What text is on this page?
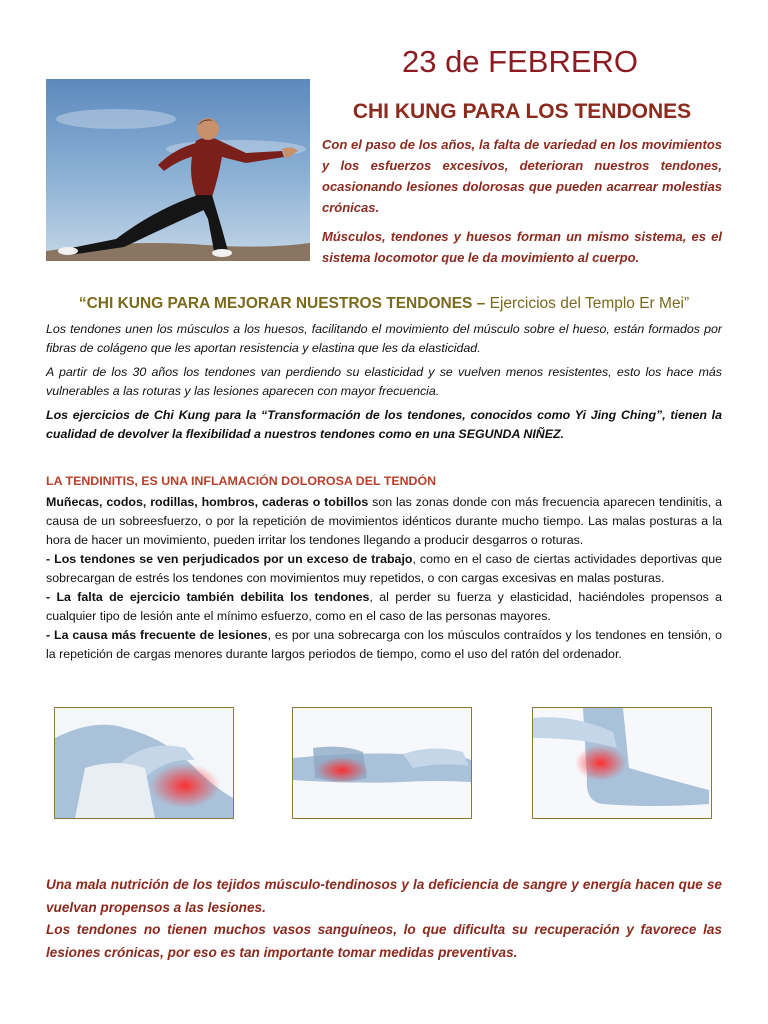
23 de FEBRERO
CHI KUNG PARA LOS TENDONES

Con el paso de los años, la falta de variedad en los movimientos y los esfuerzos excesivos, deterioran nuestros tendones, ocasionando lesiones dolorosas que pueden acarrear molestias crónicas.

Músculos, tendones y huesos forman un mismo sistema, es el sistema locomotor que le da movimiento al cuerpo.

“CHI KUNG PARA MEJORAR NUESTROS TENDONES – Ejercicios del Templo Er Mei”

Los tendones unen los músculos a los huesos, facilitando el movimiento del músculo sobre el hueso, están formados por fibras de colágeno que les aportan resistencia y elastina que les da elasticidad.

A partir de los 30 años los tendones van perdiendo su elasticidad y se vuelven menos resistentes, esto los hace más vulnerables a las roturas y las lesiones aparecen con mayor frecuencia.

Los ejercicios de Chi Kung para la “Transformación de los tendones, conocidos como Yi Jing Ching”, tienen la cualidad de devolver la flexibilidad a nuestros tendones como en una SEGUNDA NIÑEZ.

LA TENDINITIS, ES UNA INFLAMACIÓN DOLOROSA DEL TENDÓN

Muñecas, codos, rodillas, hombros, caderas o tobillos son las zonas donde con más frecuencia aparecen tendinitis, a causa de un sobreesfuerzo, o por la repetición de movimientos idénticos durante mucho tiempo. Las malas posturas a la hora de hacer un movimiento, pueden irritar los tendones llegando a producir desgarros o roturas.

- Los tendones se ven perjudicados por un exceso de trabajo, como en el caso de ciertas actividades deportivas que sobrecargan de estrés los tendones con movimientos muy repetidos, o con cargas excesivas en malas posturas.

- La falta de ejercicio también debilita los tendones, al perder su fuerza y elasticidad, haciéndoles propensos a cualquier tipo de lesión ante el mínimo esfuerzo, como en el caso de las personas mayores.

- La causa más frecuente de lesiones, es por una sobrecarga con los músculos contraídos y los tendones en tensión, o la repetición de cargas menores durante largos periodos de tiempo, como el uso del ratón del ordenador.

Una mala nutrición de los tejidos músculo-tendinosos y la deficiencia de sangre y energía hacen que se vuelvan propensos a las lesiones.

Los tendones no tienen muchos vasos sanguíneos, lo que dificulta su recuperación y favorece las lesiones crónicas, por eso es tan importante tomar medidas preventivas.
